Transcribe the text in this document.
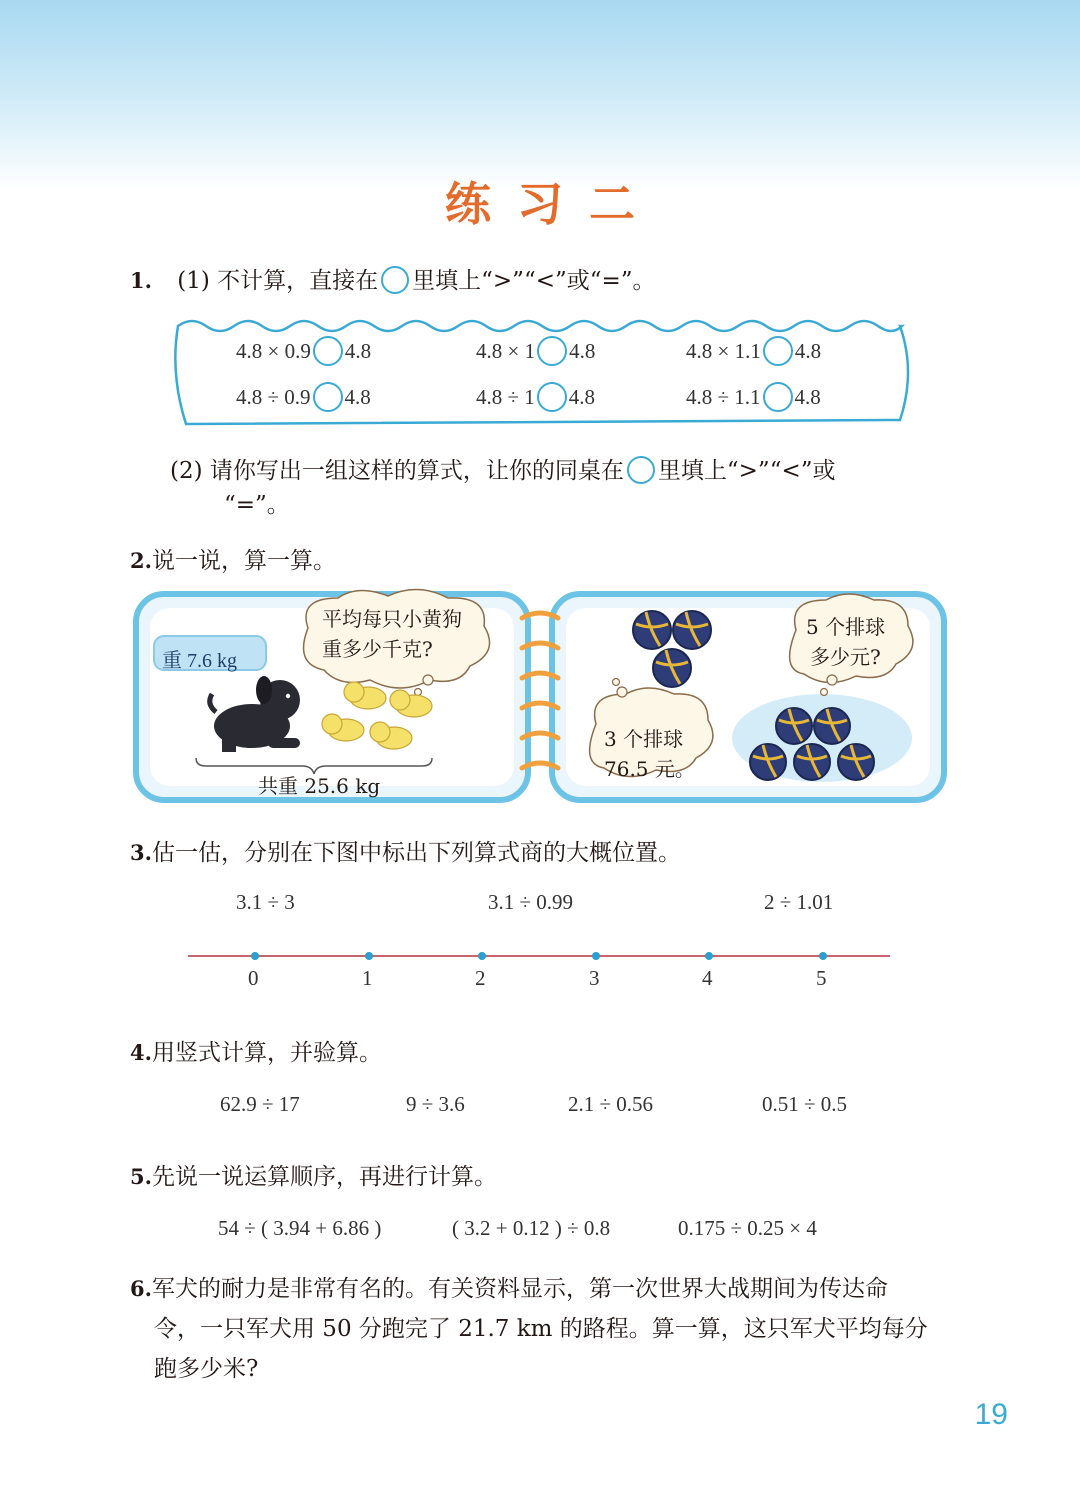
练习二
1. (1) 不计算，直接在 里填上“>”“<”或“=”。
4.8 × 0.9 4.8	4.8 × 1 4.8	4.8 × 1.1 4.8
4.8 ÷ 0.9 4.8	4.8 ÷ 1 4.8	4.8 ÷ 1.1 4.8
(2) 请你写出一组这样的算式，让你的同桌在 里填上“>”“<”或
“=”。
2.说一说，算一算。
重 7.6 kg
平均每只小黄狗
重多少千克?
共重 25.6 kg
5 个排球
多少元?
3 个排球
76.5 元。
3.估一估，分别在下图中标出下列算式商的大概位置。
3.1 ÷ 3	3.1 ÷ 0.99	2 ÷ 1.01
0	1	2	3	4	5
4.用竖式计算，并验算。
62.9 ÷ 17	9 ÷ 3.6	2.1 ÷ 0.56	0.51 ÷ 0.5
5.先说一说运算顺序，再进行计算。
54 ÷ ( 3.94 + 6.86 )	( 3.2 + 0.12 ) ÷ 0.8	0.175 ÷ 0.25 × 4
6.军犬的耐力是非常有名的。有关资料显示，第一次世界大战期间为传达命
令，一只军犬用 50 分跑完了 21.7 km 的路程。算一算，这只军犬平均每分
跑多少米?
19
